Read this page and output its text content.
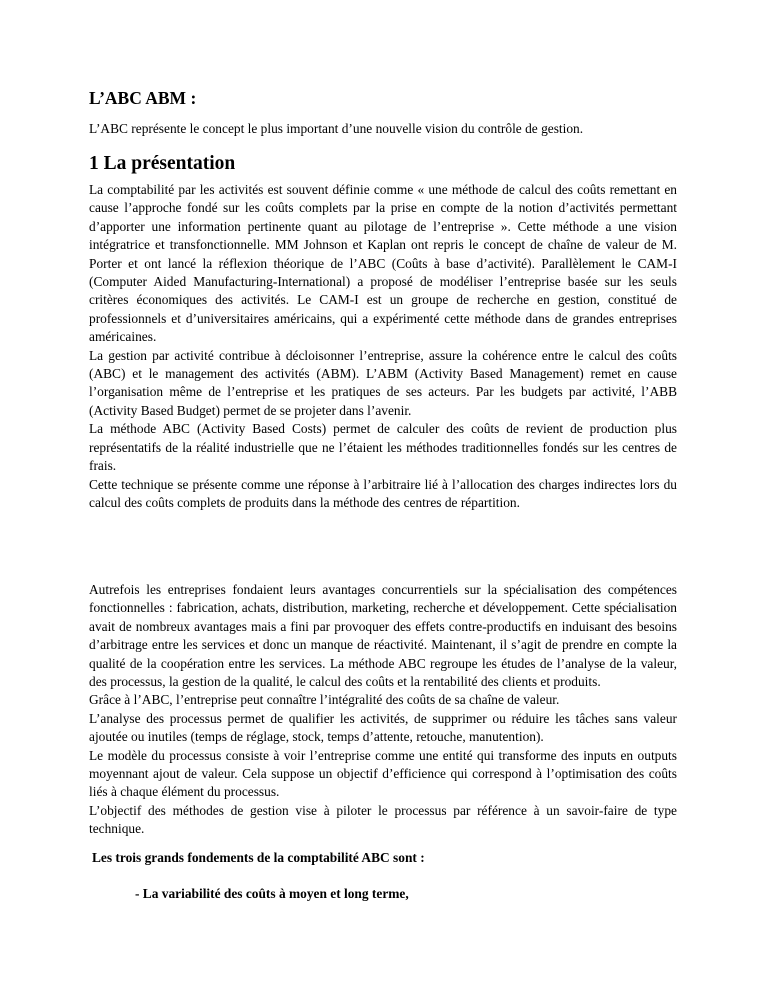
L’ABC ABM :
L’ABC représente le concept le plus important d’une nouvelle vision du contrôle de gestion.
1 La présentation

La comptabilité par les activités est souvent définie comme « une méthode de calcul des coûts remettant en cause l’approche fondé sur les coûts complets par la prise en compte de la notion d’activités permettant d’apporter une information pertinente quant au pilotage de l’entreprise ». Cette méthode a une vision intégratrice et transfonctionnelle. MM Johnson et Kaplan ont repris le concept de chaîne de valeur de M. Porter et ont lancé la réflexion théorique de l’ABC (Coûts à base d’activité). Parallèlement le CAM-I (Computer Aided Manufacturing-International) a proposé de modéliser l’entreprise basée sur les seuls critères économiques des activités. Le CAM-I est un groupe de recherche en gestion, constitué de professionnels et d’universitaires américains, qui a expérimenté cette méthode dans de grandes entreprises américaines.

La gestion par activité contribue à décloisonner l’entreprise, assure la cohérence entre le calcul des coûts (ABC) et le management des activités (ABM). L’ABM (Activity Based Management) remet en cause l’organisation même de l’entreprise et les pratiques de ses acteurs. Par les budgets par activité, l’ABB (Activity Based Budget) permet de se projeter dans l’avenir.

La méthode ABC (Activity Based Costs) permet de calculer des coûts de revient de production plus représentatifs de la réalité industrielle que ne l’étaient les méthodes traditionnelles fondés sur les centres de frais.

Cette technique se présente comme une réponse à l’arbitraire lié à l’allocation des charges indirectes lors du calcul des coûts complets de produits dans la méthode des centres de répartition.

Autrefois les entreprises fondaient leurs avantages concurrentiels sur la spécialisation des compétences fonctionnelles : fabrication, achats, distribution, marketing, recherche et développement. Cette spécialisation avait de nombreux avantages mais a fini par provoquer des effets contre-productifs en induisant des besoins d’arbitrage entre les services et donc un manque de réactivité. Maintenant, il s’agit de prendre en compte la qualité de la coopération entre les services. La méthode ABC regroupe les études de l’analyse de la valeur, des processus, la gestion de la qualité, le calcul des coûts et la rentabilité des clients et produits.

Grâce à l’ABC, l’entreprise peut connaître l’intégralité des coûts de sa chaîne de valeur.

L’analyse des processus permet de qualifier les activités, de supprimer ou réduire les tâches sans valeur ajoutée ou inutiles (temps de réglage, stock, temps d’attente, retouche, manutention).

Le modèle du processus consiste à voir l’entreprise comme une entité qui transforme des inputs en outputs moyennant ajout de valeur. Cela suppose un objectif d’efficience qui correspond à l’optimisation des coûts liés à chaque élément du processus.

L’objectif des méthodes de gestion vise à piloter le processus par référence à un savoir-faire de type technique.

Les trois grands fondements de la comptabilité ABC sont :
- La variabilité des coûts à moyen et long terme,
